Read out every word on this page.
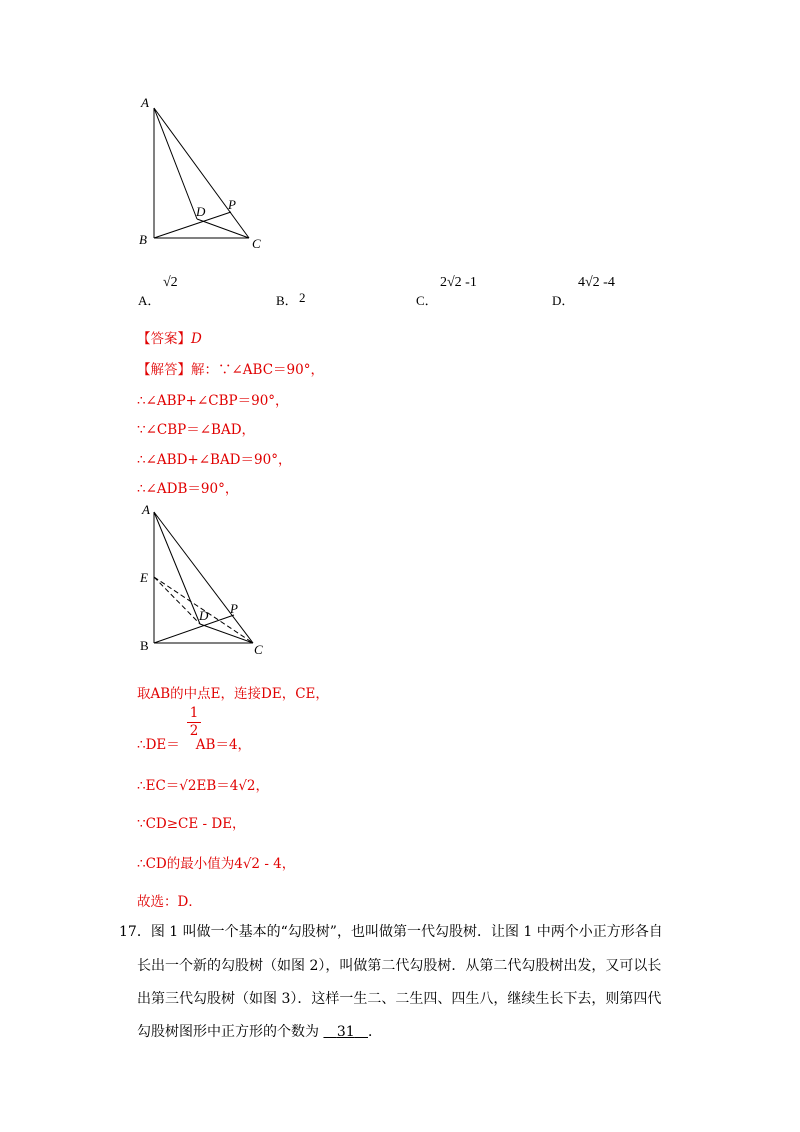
A
B	C
D P
A．
√2
B． 2	C．
2√2 -1
D．
4√2 -4
【答案】D
【解答】解：∵∠ABC＝90°，
∴∠ABP+∠CBP＝90°，
∵∠CBP＝∠BAD，
∴∠ABD+∠BAD＝90°，
∴∠ADB＝90°，
A
E
B	C
D P
取AB的中点E，连接DE，CE，
1
2
∴DE＝ AB＝4，
∴EC＝√2EB＝4√2，
∵CD≥CE - DE，
∴CD的最小值为4√2 - 4，
故选：D．
17．图 1 叫做一个基本的“勾股树”，也叫做第一代勾股树．让图 1 中两个小正方形各自
长出一个新的勾股树（如图 2），叫做第二代勾股树．从第二代勾股树出发，又可以长
出第三代勾股树（如图 3）．这样一生二、二生四、四生八，继续生长下去，则第四代
勾股树图形中正方形的个数为 31 ．
